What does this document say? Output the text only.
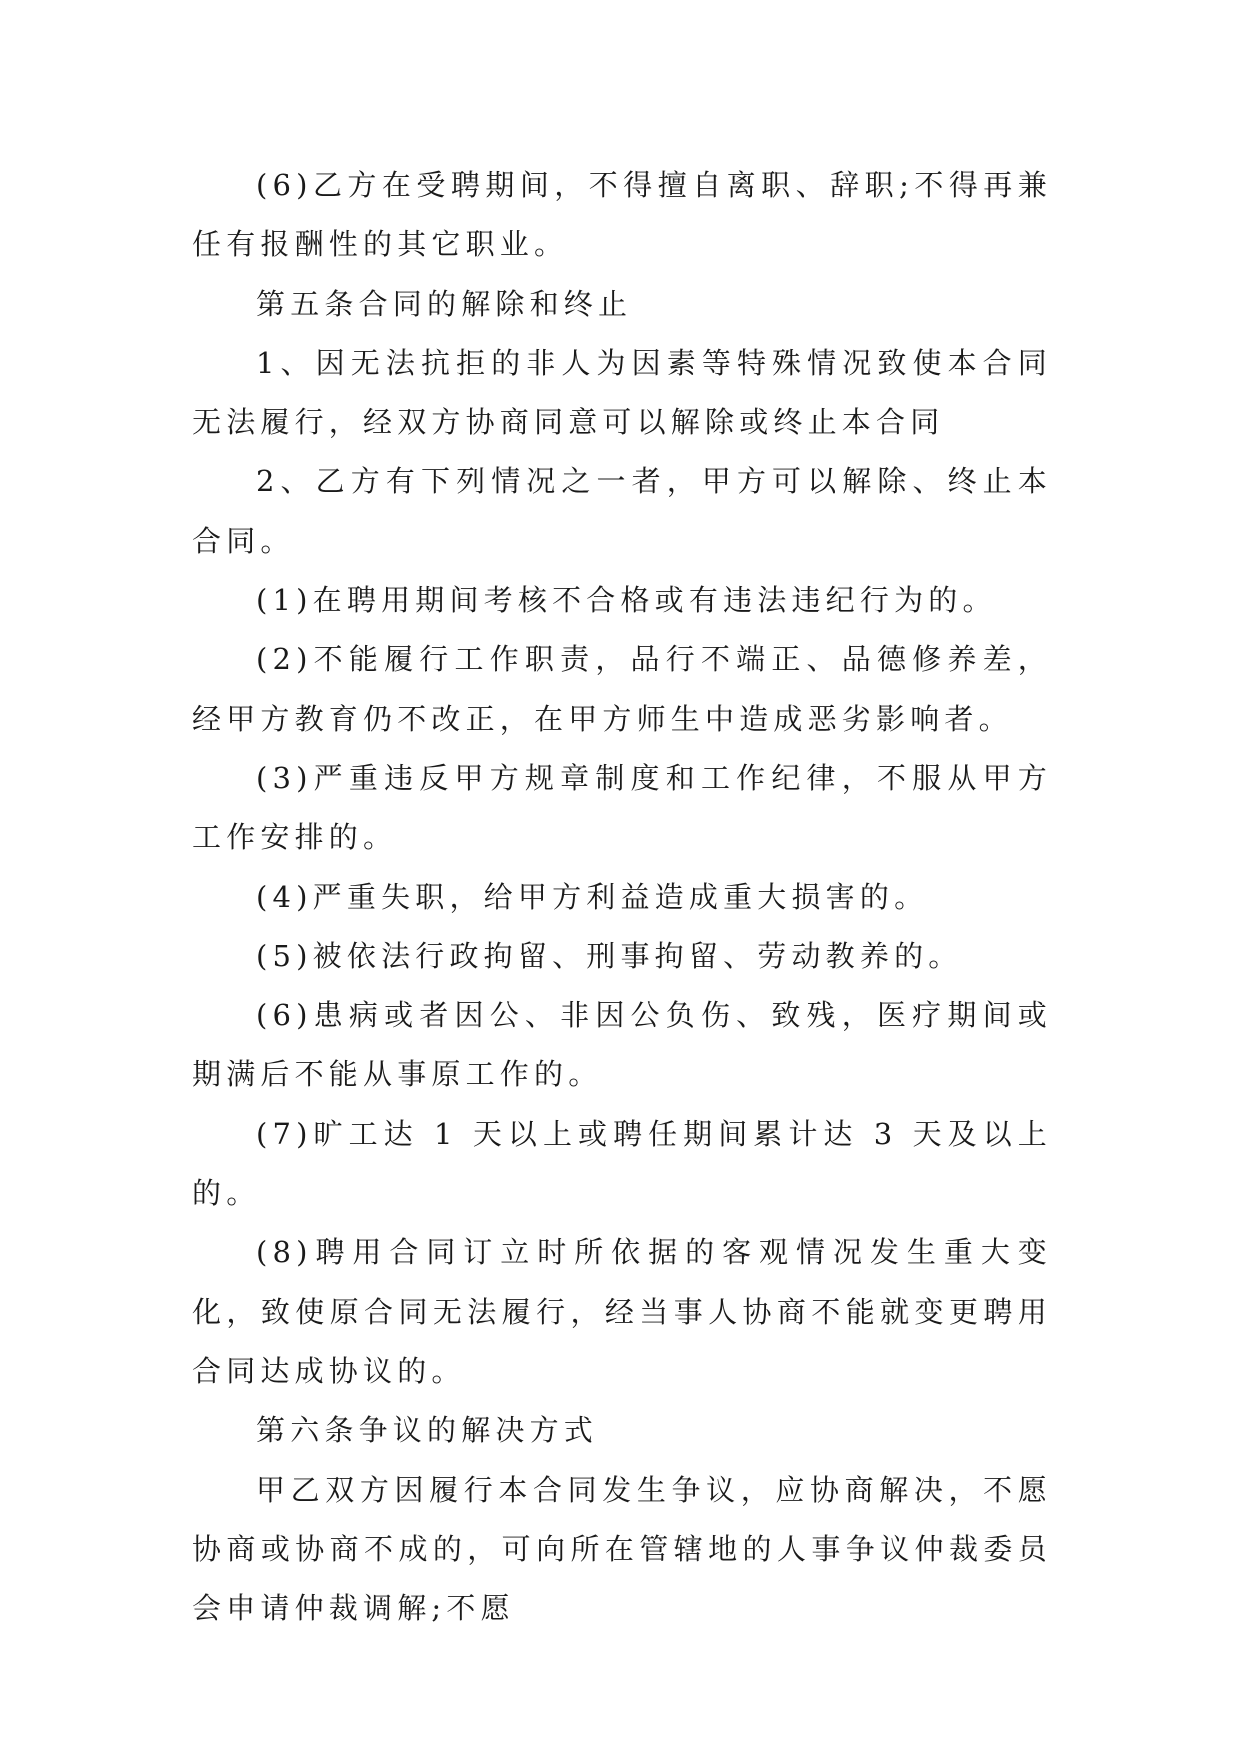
(6)乙方在受聘期间，不得擅自离职、辞职;不得再兼任有报酬性的其它职业。

第五条合同的解除和终止

1、因无法抗拒的非人为因素等特殊情况致使本合同无法履行，经双方协商同意可以解除或终止本合同

2、乙方有下列情况之一者，甲方可以解除、终止本合同。

(1)在聘用期间考核不合格或有违法违纪行为的。

(2)不能履行工作职责，品行不端正、品德修养差，经甲方教育仍不改正，在甲方师生中造成恶劣影响者。

(3)严重违反甲方规章制度和工作纪律，不服从甲方工作安排的。

(4)严重失职，给甲方利益造成重大损害的。

(5)被依法行政拘留、刑事拘留、劳动教养的。

(6)患病或者因公、非因公负伤、致残，医疗期间或期满后不能从事原工作的。

(7)旷工达 1 天以上或聘任期间累计达 3 天及以上的。

(8)聘用合同订立时所依据的客观情况发生重大变化，致使原合同无法履行，经当事人协商不能就变更聘用合同达成协议的。

第六条争议的解决方式

甲乙双方因履行本合同发生争议，应协商解决，不愿协商或协商不成的，可向所在管辖地的人事争议仲裁委员会申请仲裁调解;不愿
